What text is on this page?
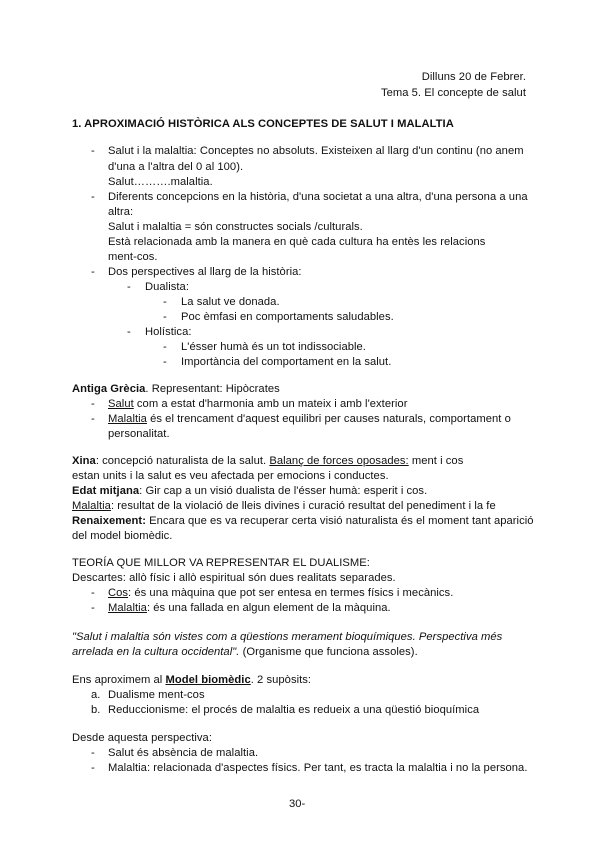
Dilluns 20 de Febrer.
Tema 5. El concepte de salut
1. APROXIMACIÓ HISTÒRICA ALS CONCEPTES DE SALUT I MALALTIA
- Salut i la malaltia: Conceptes no absoluts. Existeixen al llarg d'un continu (no anem
d'una a l'altra del 0 al 100).
Salut……….malaltia.
- Diferents concepcions en la història, d'una societat a una altra, d'una persona a una
altra:
Salut i malaltia = són constructes socials /culturals.
Està relacionada amb la manera en què cada cultura ha entès les relacions
ment-cos.
- Dos perspectives al llarg de la història:
- Dualista:
- La salut ve donada.
- Poc èmfasi en comportaments saludables.
- Holística:
- L'ésser humà és un tot indissociable.
- Importància del comportament en la salut.
Antiga Grècia. Representant: Hipòcrates
- Salut com a estat d'harmonia amb un mateix i amb l'exterior
- Malaltia és el trencament d'aquest equilibri per causes naturals, comportament o
personalitat.
Xina: concepció naturalista de la salut. Balanç de forces oposades: ment i cos
estan units i la salut es veu afectada per emocions i conductes.
Edat mitjana: Gir cap a un visió dualista de l'ésser humà: esperit i cos.
Malaltia: resultat de la violació de lleis divines i curació resultat del penediment i la fe
Renaixement: Encara que es va recuperar certa visió naturalista és el moment tant aparició
del model biomèdic.
TEORÍA QUE MILLOR VA REPRESENTAR EL DUALISME:
Descartes: allò físic i allò espiritual són dues realitats separades.
- Cos: és una màquina que pot ser entesa en termes físics i mecànics.
- Malaltia: és una fallada en algun element de la màquina.
"Salut i malaltia són vistes com a qüestions merament bioquímiques. Perspectiva més
arrelada en la cultura occidental". (Organisme que funciona assoles).
Ens aproximem al Model biomèdic. 2 supòsits:
a. Dualisme ment-cos
b. Reduccionisme: el procés de malaltia es redueix a una qüestió bioquímica
Desde aquesta perspectiva:
- Salut és absència de malaltia.
- Malaltia: relacionada d'aspectes físics. Per tant, es tracta la malaltia i no la persona.
30-
